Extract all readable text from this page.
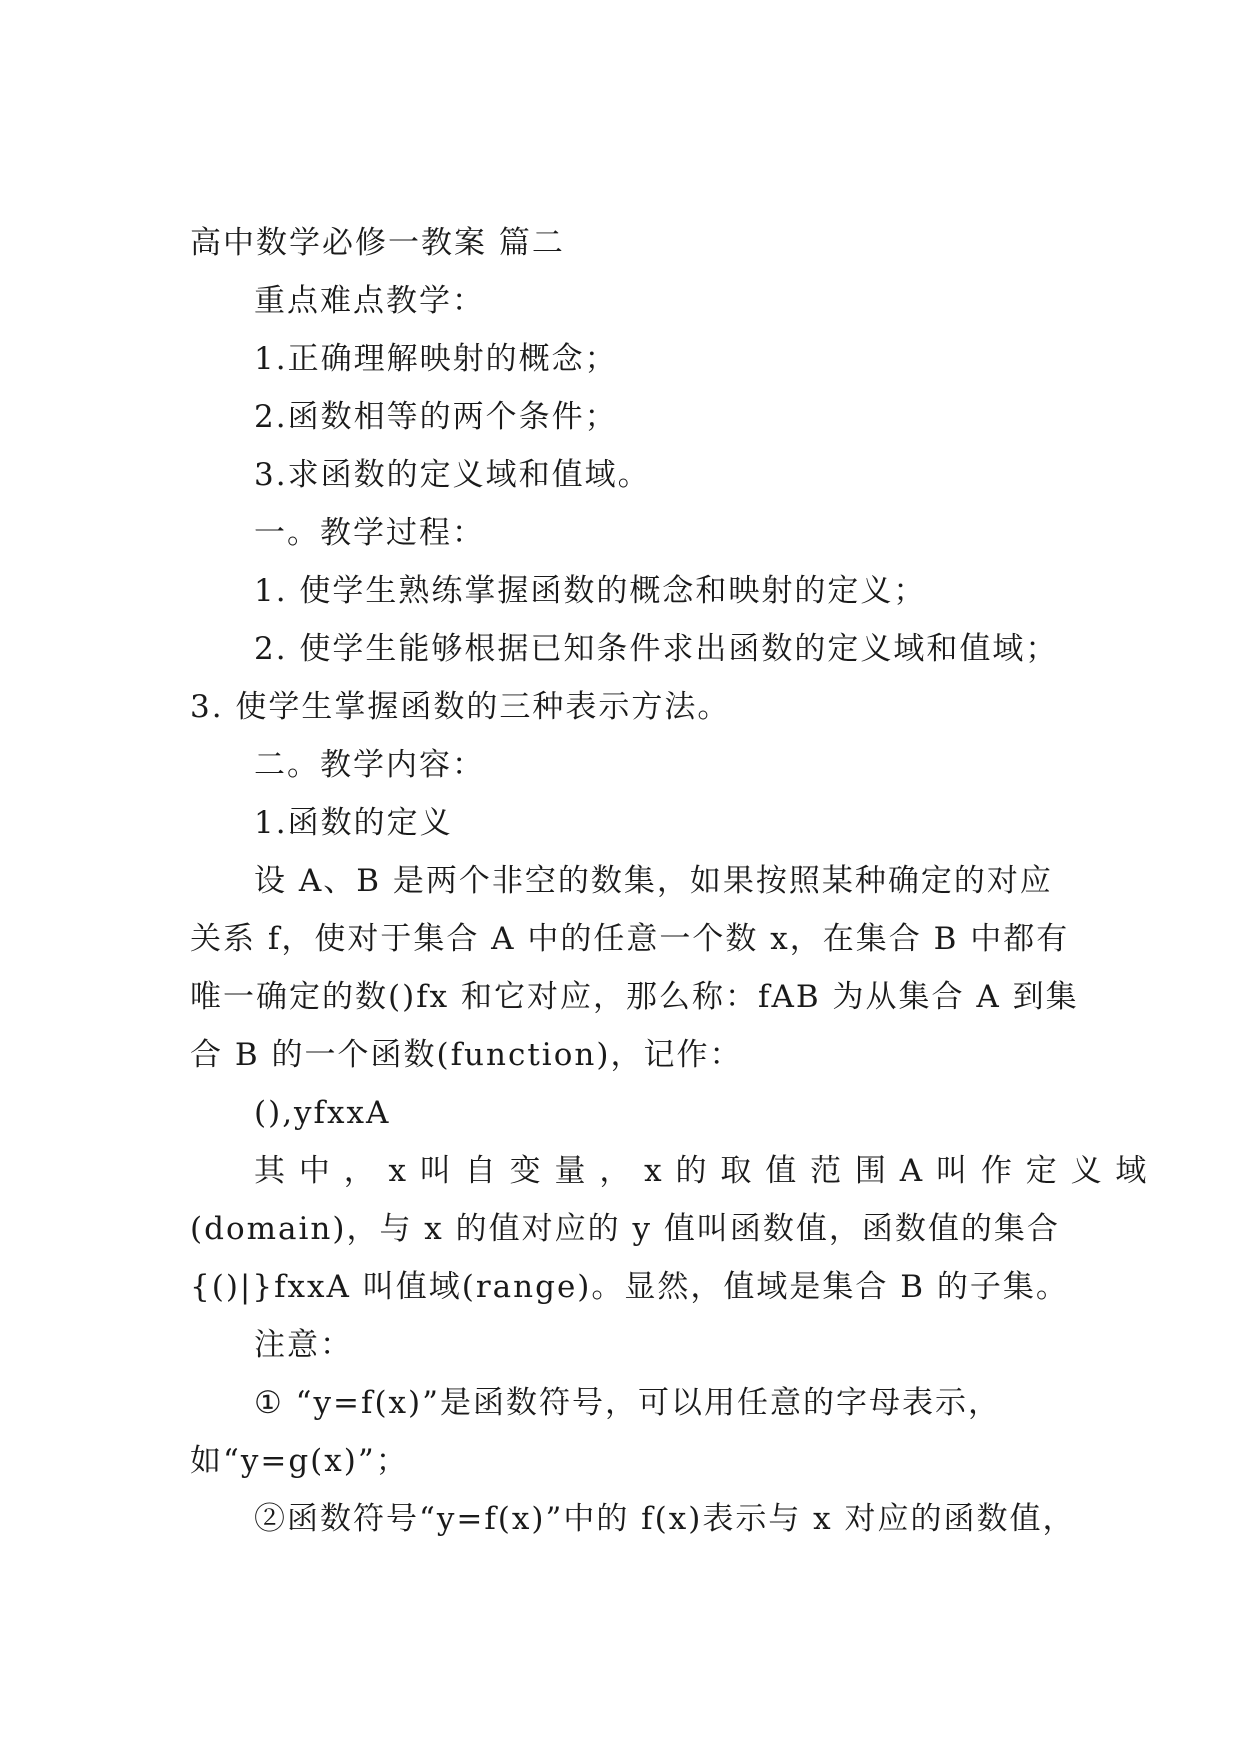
高中数学必修一教案 篇二
重点难点教学：
1.正确理解映射的概念；
2.函数相等的两个条件；
3.求函数的定义域和值域。
一。教学过程：
1. 使学生熟练掌握函数的概念和映射的定义；
2. 使学生能够根据已知条件求出函数的定义域和值域；
3. 使学生掌握函数的三种表示方法。
二。教学内容：
1.函数的定义
设 A、B 是两个非空的数集，如果按照某种确定的对应
关系 f，使对于集合 A 中的任意一个数 x，在集合 B 中都有
唯一确定的数()fx 和它对应，那么称：fAB 为从集合 A 到集
合 B 的一个函数(function)，记作：
(),yfxxA
其 中 ， x 叫 自 变 量 ， x 的 取 值 范 围 A 叫 作 定 义 域
(domain)，与 x 的值对应的 y 值叫函数值，函数值的集合
{()|}fxxA 叫值域(range)。显然，值域是集合 B 的子集。
注意：
① “y=f(x)”是函数符号，可以用任意的字母表示，
如“y=g(x)”；
②函数符号“y=f(x)”中的 f(x)表示与 x 对应的函数值，
